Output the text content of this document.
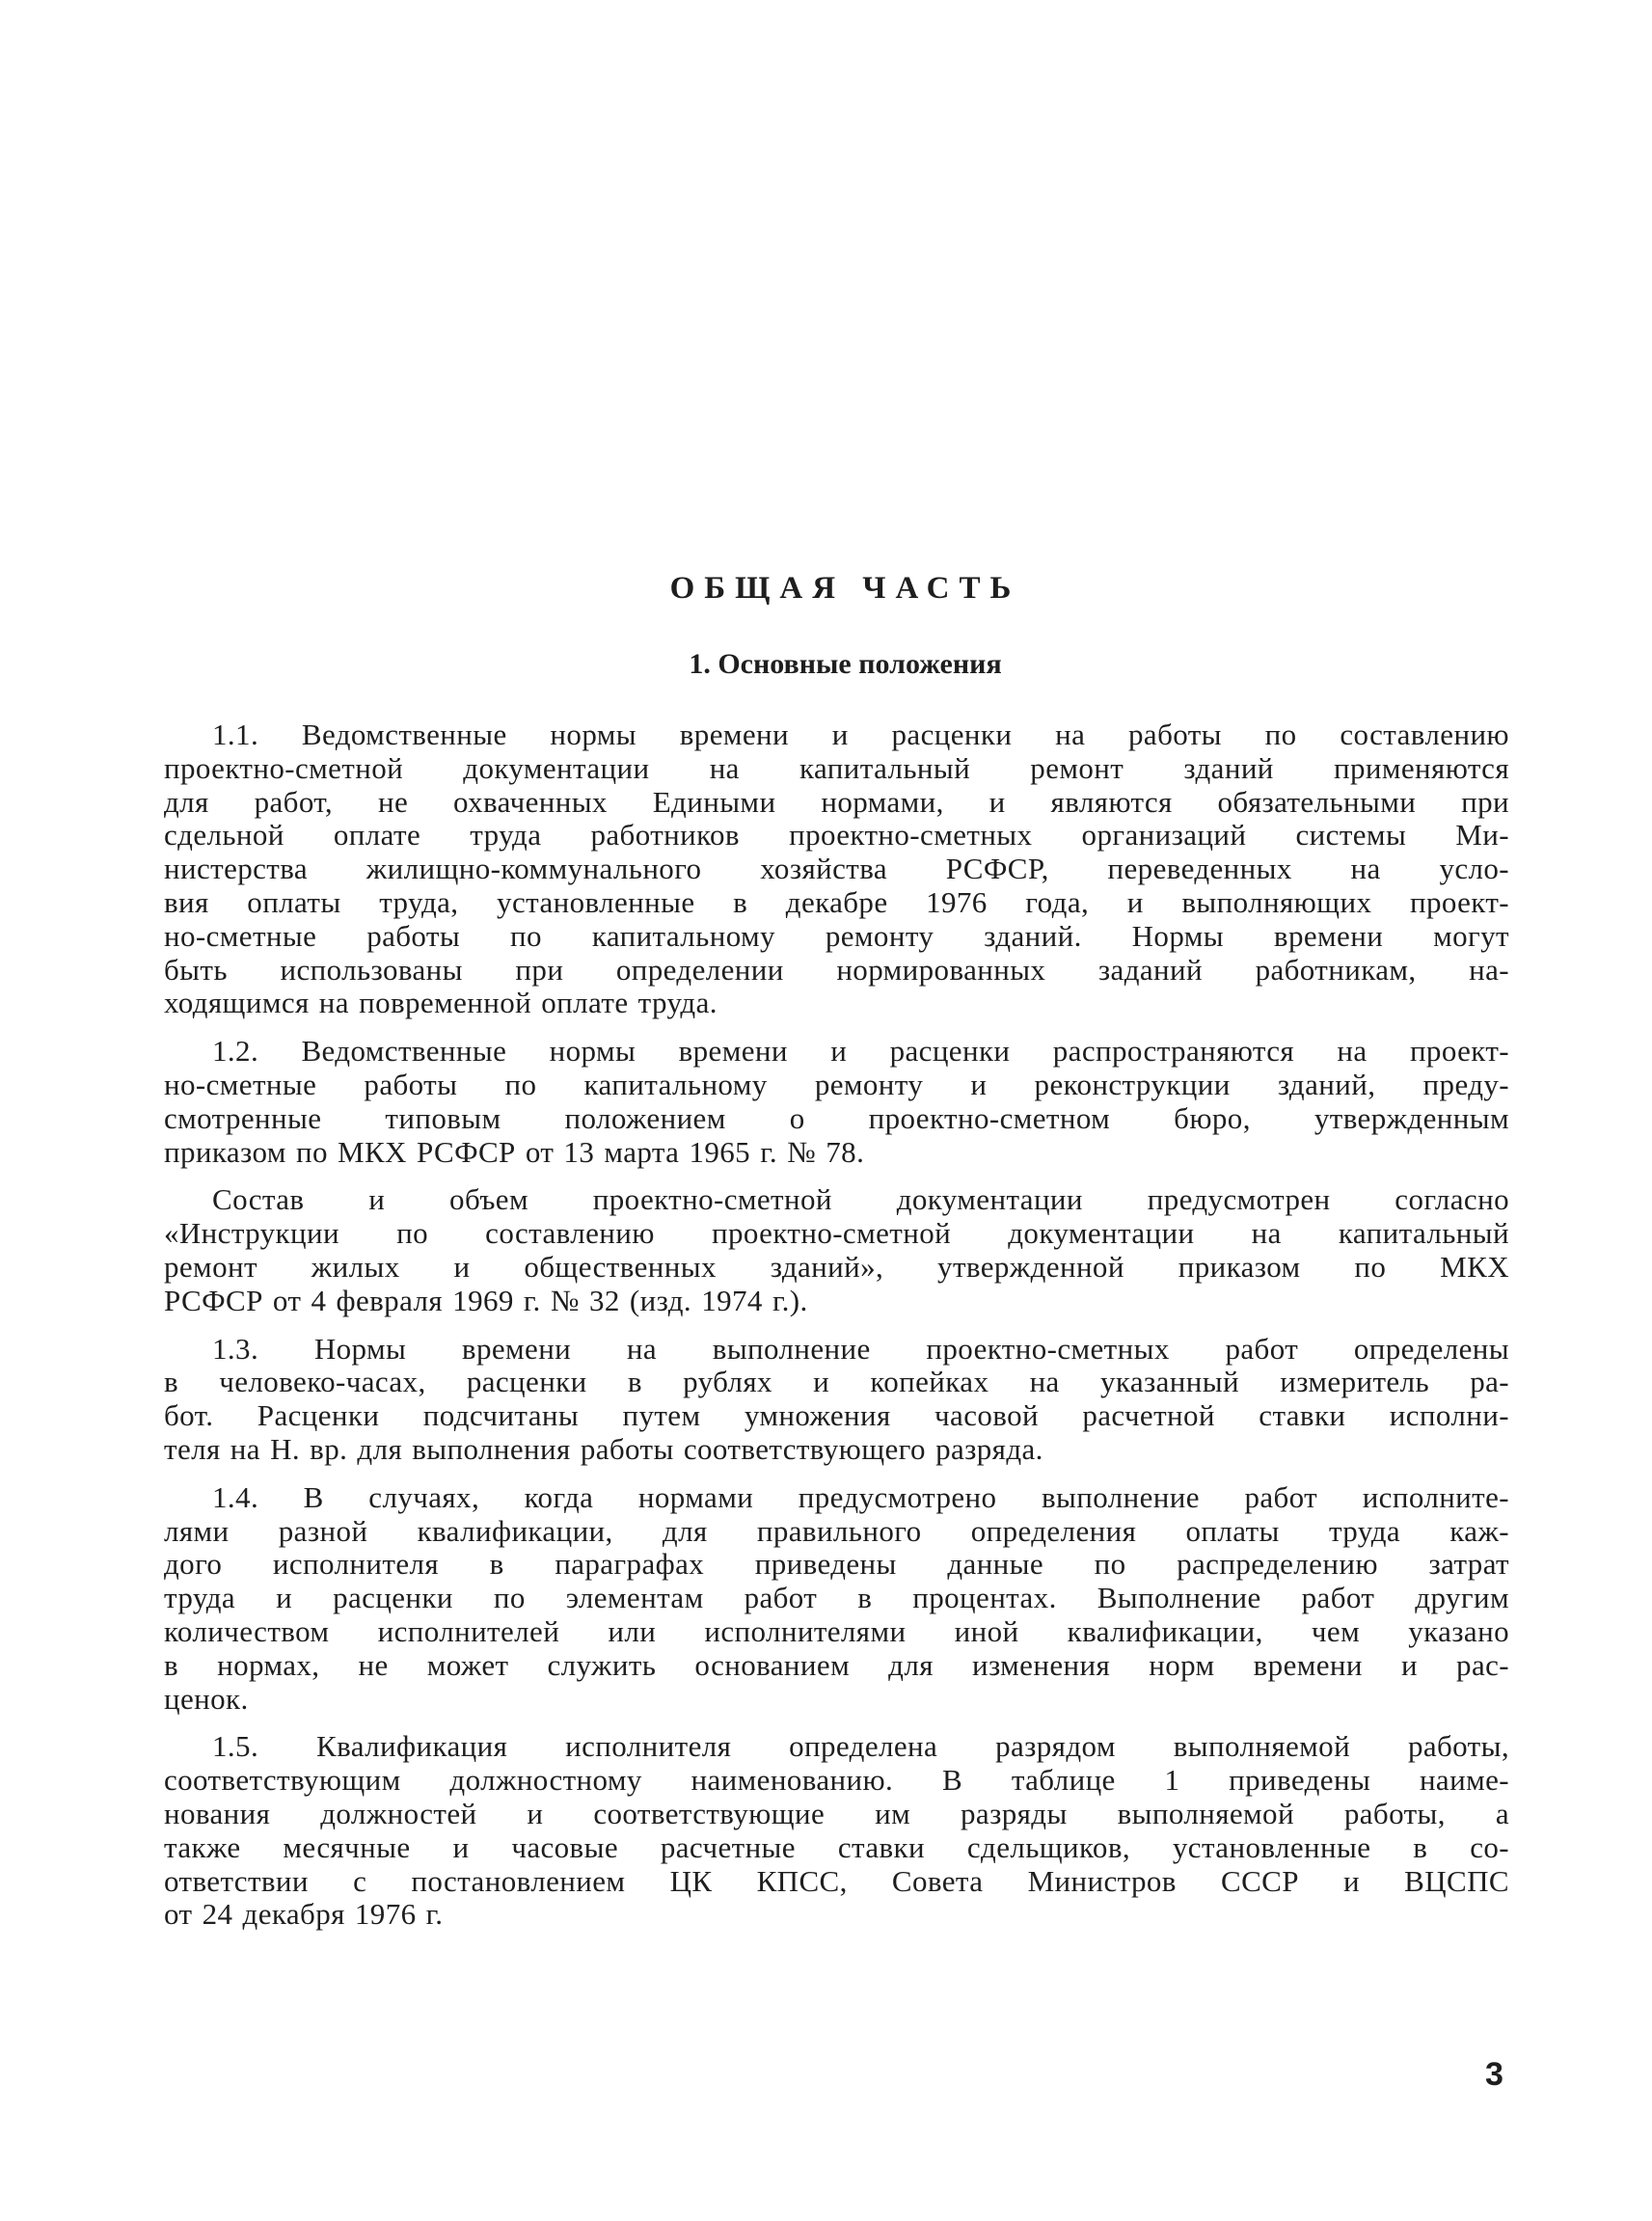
ОБЩАЯ ЧАСТЬ
1. Основные положения
1.1. Ведомственные нормы времени и расценки на работы по составлению
проектно-сметной документации на капитальный ремонт зданий применяются
для работ, не охваченных Едиными нормами, и являются обязательными при
сдельной оплате труда работников проектно-сметных организаций системы Ми-
нистерства жилищно-коммунального хозяйства РСФСР, переведенных на усло-
вия оплаты труда, установленные в декабре 1976 года, и выполняющих проект-
но-сметные работы по капитальному ремонту зданий. Нормы времени могут
быть использованы при определении нормированных заданий работникам, на-
ходящимся на повременной оплате труда.
1.2. Ведомственные нормы времени и расценки распространяются на проект-
но-сметные работы по капитальному ремонту и реконструкции зданий, преду-
смотренные типовым положением о проектно-сметном бюро, утвержденным
приказом по МКХ РСФСР от 13 марта 1965 г. № 78.
Состав и объем проектно-сметной документации предусмотрен согласно
«Инструкции по составлению проектно-сметной документации на капитальный
ремонт жилых и общественных зданий», утвержденной приказом по МКХ
РСФСР от 4 февраля 1969 г. № 32 (изд. 1974 г.).
1.3. Нормы времени на выполнение проектно-сметных работ определены
в человеко-часах, расценки в рублях и копейках на указанный измеритель ра-
бот. Расценки подсчитаны путем умножения часовой расчетной ставки исполни-
теля на Н. вр. для выполнения работы соответствующего разряда.
1.4. В случаях, когда нормами предусмотрено выполнение работ исполните-
лями разной квалификации, для правильного определения оплаты труда каж-
дого исполнителя в параграфах приведены данные по распределению затрат
труда и расценки по элементам работ в процентах. Выполнение работ другим
количеством исполнителей или исполнителями иной квалификации, чем указано
в нормах, не может служить основанием для изменения норм времени и рас-
ценок.
1.5. Квалификация исполнителя определена разрядом выполняемой работы,
соответствующим должностному наименованию. В таблице 1 приведены наиме-
нования должностей и соответствующие им разряды выполняемой работы, а
также месячные и часовые расчетные ставки сдельщиков, установленные в со-
ответствии с постановлением ЦК КПСС, Совета Министров СССР и ВЦСПС
от 24 декабря 1976 г.
3
